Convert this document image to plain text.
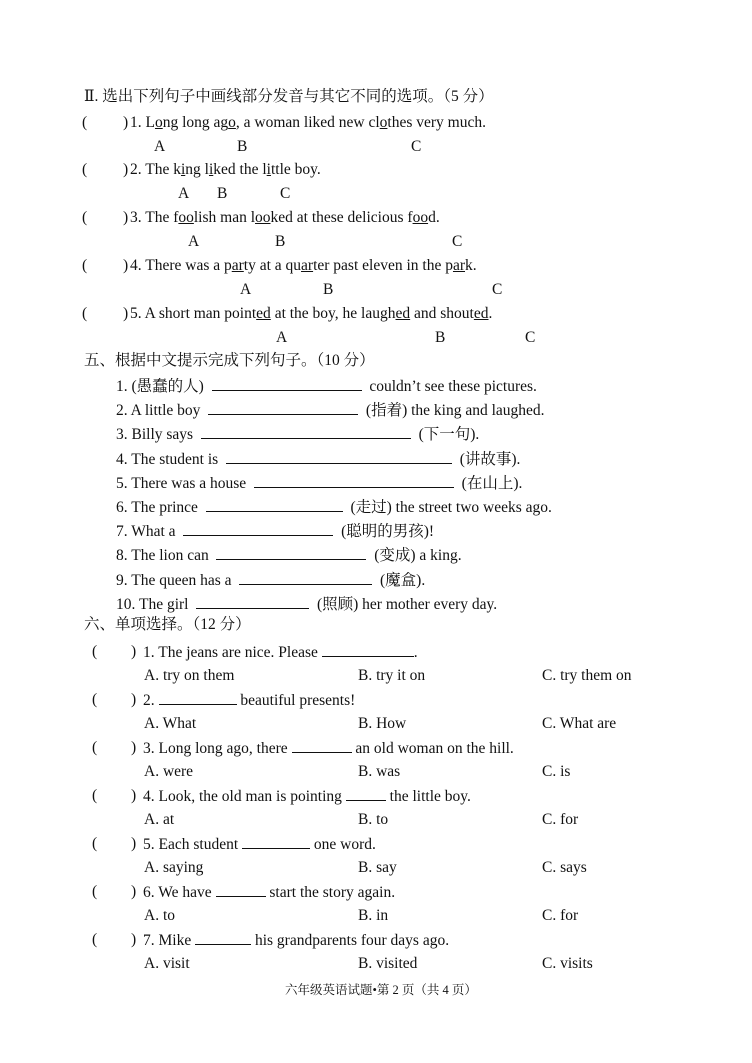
Ⅱ. 选出下列句子中画线部分发音与其它不同的选项。（5 分）
( ) 1. Long long ago, a woman liked new clothes very much.
A	B	C
( ) 2. The king liked the little boy.
A B	C
( ) 3. The foolish man looked at these delicious food.
A	B	C
( ) 4. There was a party at a quarter past eleven in the park.
A	B	C
( ) 5. A short man pointed at the boy, he laughed and shouted.
A	B	C
五、根据中文提示完成下列句子。（10 分）
1. (愚蠢的人)	couldn’t see these pictures.
2. A little boy	(指着) the king and laughed.
3. Billy says	(下一句).
4. The student is	(讲故事).
5. There was a house	(在山上).
6. The prince	(走过) the street two weeks ago.
7. What a	(聪明的男孩)!
8. The lion can	(变成) a king.
9. The queen has a	(魔盒).
10. The girl	(照顾) her mother every day.
六、单项选择。（12 分）
( ) 1. The jeans are nice. Please	.
A. try on them	B. try it on	C. try them on
( ) 2.	beautiful presents!
A. What	B. How	C. What are
( ) 3. Long long ago, there	an old woman on the hill.
A. were	B. was	C. is
( ) 4. Look, the old man is pointing	the little boy.
A. at	B. to	C. for
( ) 5. Each student	one word.
A. saying	B. say	C. says
( ) 6. We have	start the story again.
A. to	B. in	C. for
( ) 7. Mike	his grandparents four days ago.
A. visit	B. visited	C. visits
六年级英语试题•第 2 页（共 4 页）
